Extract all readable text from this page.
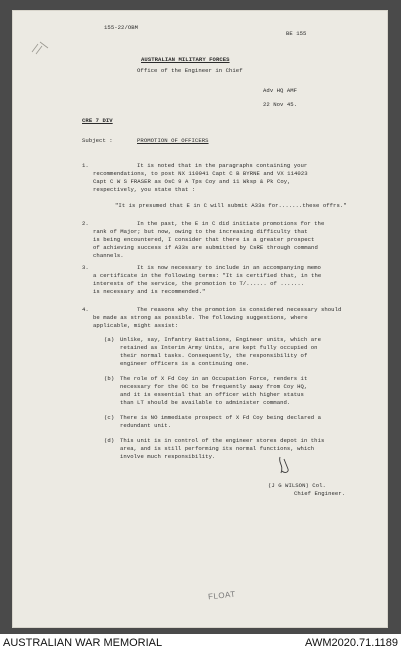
155-22/OBM
BE 155
AUSTRALIAN MILITARY FORCES
Office of the Engineer in Chief
Adv HQ AMF
22 Nov 45.
CRE 7 DIV
Subject :	PROMOTION OF OFFICERS
1.	It is noted that in the paragraphs containing your
recommendations, to post NX 110041 Capt C B BYRNE and VX 114023
Capt C W S FRASER as OsC 9 A Tps Coy and 11 Wksp & Pk Coy,
respectively, you state that :
"It is presumed that E in C will submit A33s for.......these offrs."
2.	In the past, the E in C did initiate promotions for the
rank of Major; but now, owing to the increasing difficulty that
is being encountered, I consider that there is a greater prospect
of achieving success if A33s are submitted by CsRE through command
channels.
3.	It is now necessary to include in an accompanying memo
a certificate in the following terms: "It is certified that, in the
interests of the service, the promotion to T/...... of .......
is necessary and is recommended."
4.	The reasons why the promotion is considered necessary should
be made as strong as possible. The following suggestions, where
applicable, might assist:
(a) Unlike, say, Infantry Battalions, Engineer units, which are
retained as Interim Army Units, are kept fully occupied on
their normal tasks. Consequently, the responsibility of
engineer officers is a continuing one.
(b) The role of X Fd Coy in an Occupation Force, renders it
necessary for the OC to be frequently away from Coy HQ,
and it is essential that an officer with higher status
than LT should be available to administer command.
(c) There is NO immediate prospect of X Fd Coy being declared a
redundant unit.
(d) This unit is in control of the engineer stores depot in this
area, and is still performing its normal functions, which
involve much responsibility.
(J G WILSON) Col.
Chief Engineer.
FLOAT
AUSTRALIAN WAR MEMORIAL	AWM2020.71.1189
